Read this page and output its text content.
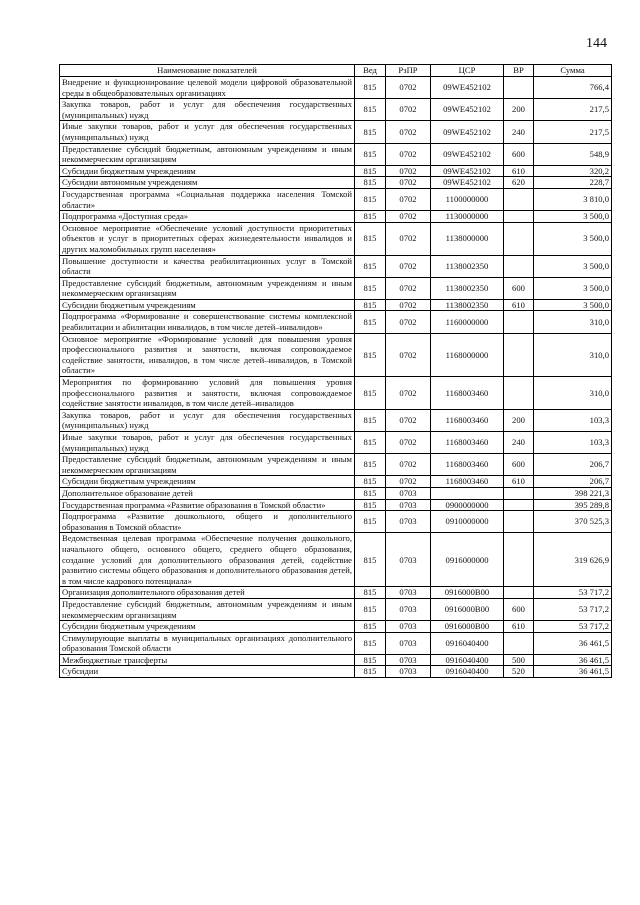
144
Наименование показателей	Вед	РзПР	ЦСР	ВР	Сумма
Внедрение и функционирование целевой модели цифровой образовательной среды в общеобразовательных организациях	815	0702	09WE452102		766,4
Закупка товаров, работ и услуг для обеспечения государственных (муниципальных) нужд	815	0702	09WE452102	200	217,5
Иные закупки товаров, работ и услуг для обеспечения государственных (муниципальных) нужд	815	0702	09WE452102	240	217,5
Предоставление субсидий бюджетным, автономным учреждениям и иным некоммерческим организациям	815	0702	09WE452102	600	548,9
Субсидии бюджетным учреждениям	815	0702	09WE452102	610	320,2
Субсидии автономным учреждениям	815	0702	09WE452102	620	228,7
Государственная программа «Социальная поддержка населения Томской области»	815	0702	1100000000		3 810,0
Подпрограмма «Доступная среда»	815	0702	1130000000		3 500,0
Основное мероприятие «Обеспечение условий доступности приоритетных объектов и услуг в приоритетных сферах жизнедеятельности инвалидов и других маломобильных групп населения»	815	0702	1138000000		3 500,0
Повышение доступности и качества реабилитационных услуг в Томской области	815	0702	1138002350		3 500,0
Предоставление субсидий бюджетным, автономным учреждениям и иным некоммерческим организациям	815	0702	1138002350	600	3 500,0
Субсидии бюджетным учреждениям	815	0702	1138002350	610	3 500,0
Подпрограмма «Формирование и совершенствование системы комплексной реабилитации и абилитации инвалидов, в том числе детей–инвалидов»	815	0702	1160000000		310,0
Основное мероприятие «Формирование условий для повышения уровня профессионального развития и занятости, включая сопровождаемое содействие занятости, инвалидов, в том числе детей–инвалидов, в Томской области»	815	0702	1168000000		310,0
Мероприятия по формированию условий для повышения уровня профессионального развития и занятости, включая сопровождаемое содействие занятости инвалидов, в том числе детей–инвалидов	815	0702	1168003460		310,0
Закупка товаров, работ и услуг для обеспечения государственных (муниципальных) нужд	815	0702	1168003460	200	103,3
Иные закупки товаров, работ и услуг для обеспечения государственных (муниципальных) нужд	815	0702	1168003460	240	103,3
Предоставление субсидий бюджетным, автономным учреждениям и иным некоммерческим организациям	815	0702	1168003460	600	206,7
Субсидии бюджетным учреждениям	815	0702	1168003460	610	206,7
Дополнительное образование детей	815	0703			398 221,3
Государственная программа «Развитие образования в Томской области»	815	0703	0900000000		395 289,8
Подпрограмма «Развитие дошкольного, общего и дополнительного образования в Томской области»	815	0703	0910000000		370 525,3
Ведомственная целевая программа «Обеспечение получения дошкольного, начального общего, основного общего, среднего общего образования, создание условий для дополнительного образования детей, содействие развитию системы общего образования и дополнительного образования детей, в том числе кадрового потенциала»	815	0703	0916000000		319 626,9
Организация дополнительного образования детей	815	0703	0916000B00		53 717,2
Предоставление субсидий бюджетным, автономным учреждениям и иным некоммерческим организациям	815	0703	0916000B00	600	53 717,2
Субсидии бюджетным учреждениям	815	0703	0916000B00	610	53 717,2
Стимулирующие выплаты в муниципальных организациях дополнительного образования Томской области	815	0703	0916040400		36 461,5
Межбюджетные трансферты	815	0703	0916040400	500	36 461,5
Субсидии	815	0703	0916040400	520	36 461,5
